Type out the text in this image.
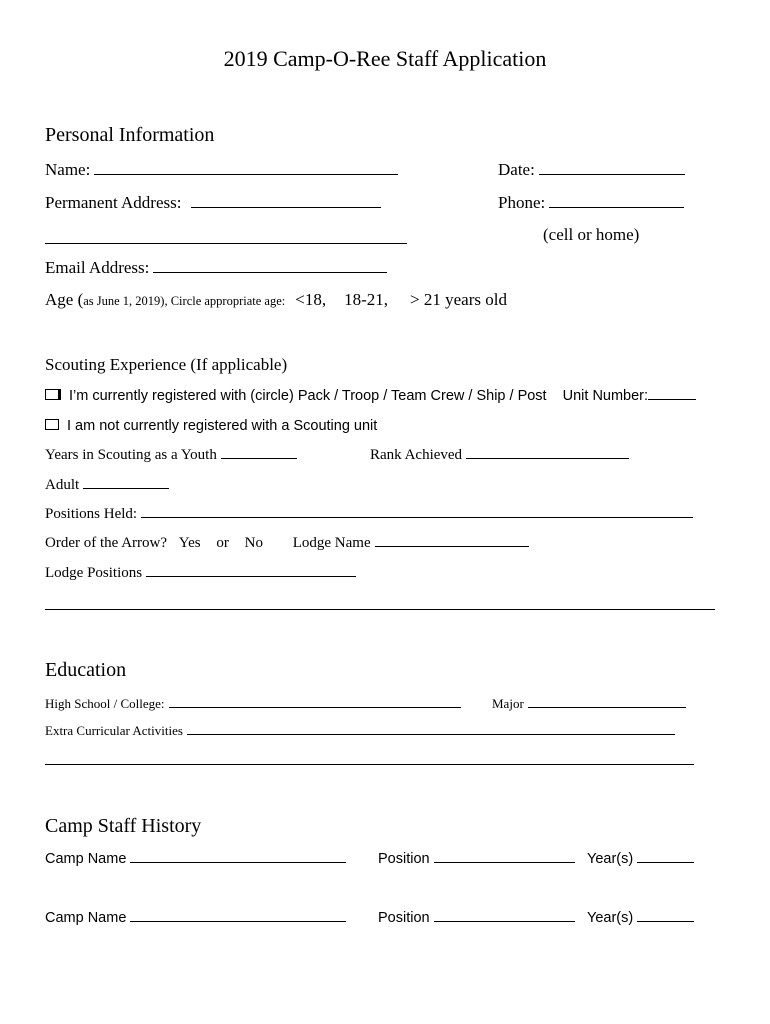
2019 Camp-O-Ree Staff Application
Personal Information
Name:	Date:
Permanent Address:	Phone:
(cell or home)
Email Address:
Age (as June 1, 2019), Circle appropriate age: <18, 18-21, > 21 years old
Scouting Experience (If applicable)
I’m currently registered with (circle) Pack / Troop / Team Crew / Ship / Post Unit Number:
I am not currently registered with a Scouting unit
Years in Scouting as a Youth	Rank Achieved
Adult
Positions Held:
Order of the Arrow? Yes or No Lodge Name
Lodge Positions
Education
High School / College:	Major
Extra Curricular Activities
Camp Staff History
Camp Name	Position	Year(s)
Camp Name	Position	Year(s)
